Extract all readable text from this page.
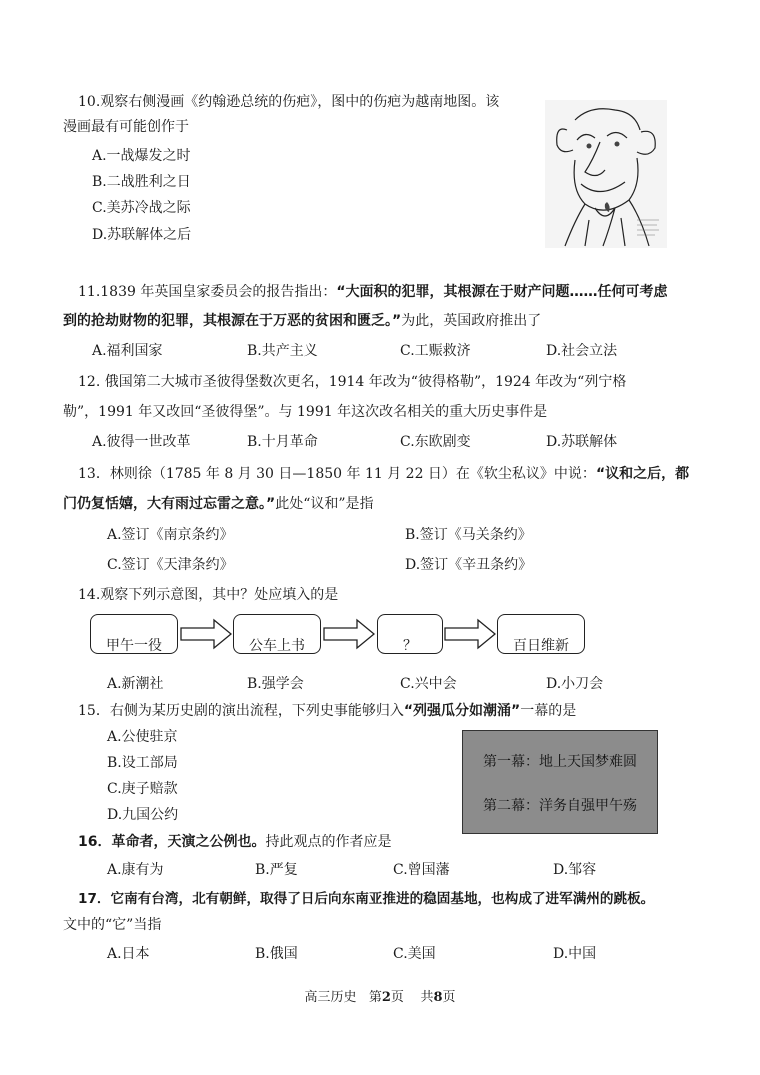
10.观察右侧漫画《约翰逊总统的伤疤》，图中的伤疤为越南地图。该
漫画最有可能创作于
A.一战爆发之时
B.二战胜利之日
C.美苏冷战之际
D.苏联解体之后
11.1839 年英国皇家委员会的报告指出：“大面积的犯罪，其根源在于财产问题……任何可考虑
到的抢劫财物的犯罪，其根源在于万恶的贫困和匮乏。”为此，英国政府推出了
A.福利国家	B.共产主义	C.工赈救济	D.社会立法
12. 俄国第二大城市圣彼得堡数次更名，1914 年改为“彼得格勒”，1924 年改为“列宁格
勒”，1991 年又改回“圣彼得堡”。与 1991 年这次改名相关的重大历史事件是
A.彼得一世改革	B.十月革命	C.东欧剧变	D.苏联解体
13．林则徐（1785 年 8 月 30 日—1850 年 11 月 22 日）在《软尘私议》中说：“议和之后，都
门仍复恬嬉，大有雨过忘雷之意。”此处“议和”是指
A.签订《南京条约》	B.签订《马关条约》
C.签订《天津条约》	D.签订《辛丑条约》
14.观察下列示意图，其中？处应填入的是
甲午一役	公车上书	？	百日维新
A.新潮社	B.强学会	C.兴中会	D.小刀会
15．右侧为某历史剧的演出流程，下列史事能够归入“列强瓜分如潮涌”一幕的是
A.公使驻京
B.设工部局
C.庚子赔款
D.九国公约
第一幕：地上天国梦难圆
第二幕：洋务自强甲午殇
16．革命者，天演之公例也。持此观点的作者应是
A.康有为	B.严复	C.曾国藩	D.邹容
17．它南有台湾，北有朝鲜，取得了日后向东南亚推进的稳固基地，也构成了进军满州的跳板。
文中的“它”当指
A.日本	B.俄国	C.美国	D.中国
高三历史 第2页 共8页
